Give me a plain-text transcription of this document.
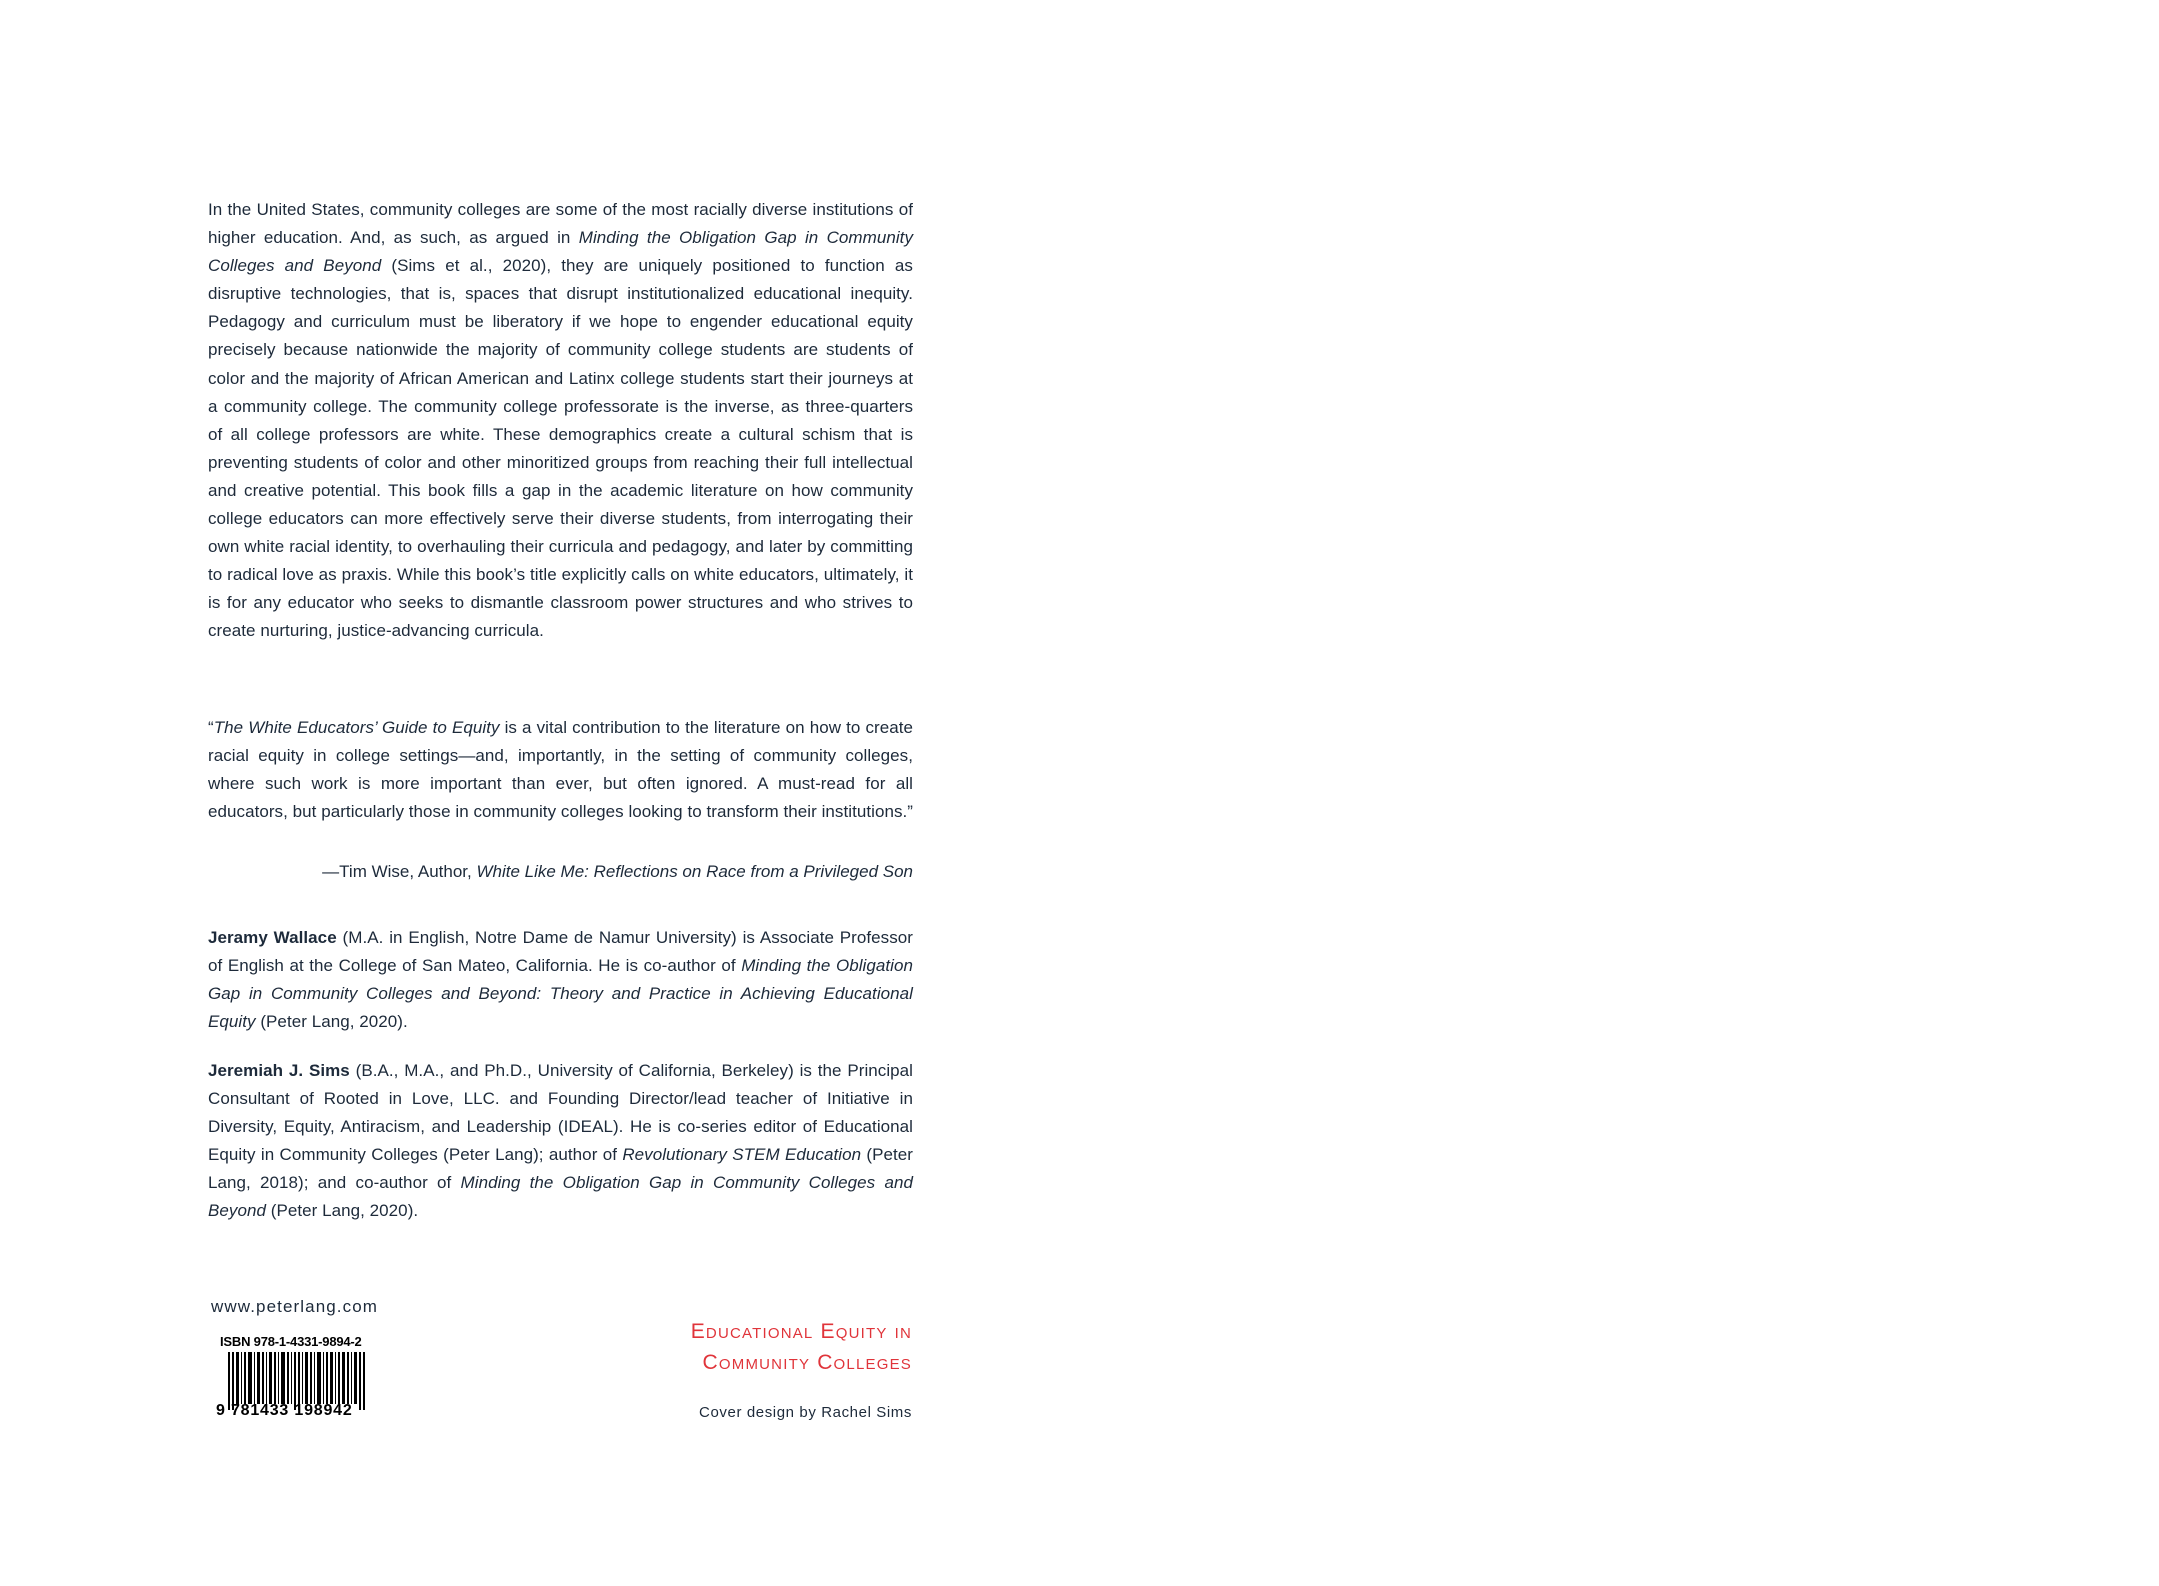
In the United States, community colleges are some of the most racially diverse institutions of higher education. And, as such, as argued in Minding the Obligation Gap in Community Colleges and Beyond (Sims et al., 2020), they are uniquely positioned to function as disruptive technologies, that is, spaces that disrupt institutionalized educational inequity. Pedagogy and curriculum must be liberatory if we hope to engender educational equity precisely because nationwide the majority of community college students are students of color and the majority of African American and Latinx college students start their journeys at a community college. The community college professorate is the inverse, as three-quarters of all college professors are white. These demographics create a cultural schism that is preventing students of color and other minoritized groups from reaching their full intellectual and creative potential. This book fills a gap in the academic literature on how community college educators can more effectively serve their diverse students, from interrogating their own white racial identity, to overhauling their curricula and pedagogy, and later by committing to radical love as praxis. While this book’s title explicitly calls on white educators, ultimately, it is for any educator who seeks to dismantle classroom power structures and who strives to create nurturing, justice-advancing curricula.

“The White Educators’ Guide to Equity is a vital contribution to the literature on how to create racial equity in college settings—and, importantly, in the setting of community colleges, where such work is more important than ever, but often ignored. A must-read for all educators, but particularly those in community colleges looking to transform their institutions.”

—Tim Wise, Author, White Like Me: Reflections on Race from a Privileged Son

Jeramy Wallace (M.A. in English, Notre Dame de Namur University) is Associate Professor of English at the College of San Mateo, California. He is co-author of Minding the Obligation Gap in Community Colleges and Beyond: Theory and Practice in Achieving Educational Equity (Peter Lang, 2020).

Jeremiah J. Sims (B.A., M.A., and Ph.D., University of California, Berkeley) is the Principal Consultant of Rooted in Love, LLC. and Founding Director/lead teacher of Initiative in Diversity, Equity, Antiracism, and Leadership (IDEAL). He is co-series editor of Educational Equity in Community Colleges (Peter Lang); author of Revolutionary STEM Education (Peter Lang, 2018); and co-author of Minding the Obligation Gap in Community Colleges and Beyond (Peter Lang, 2020).

www.peterlang.com
ISBN 978-1-4331-9894-2
9 781433 198942
Educational Equity in
Community Colleges
Cover design by Rachel Sims
